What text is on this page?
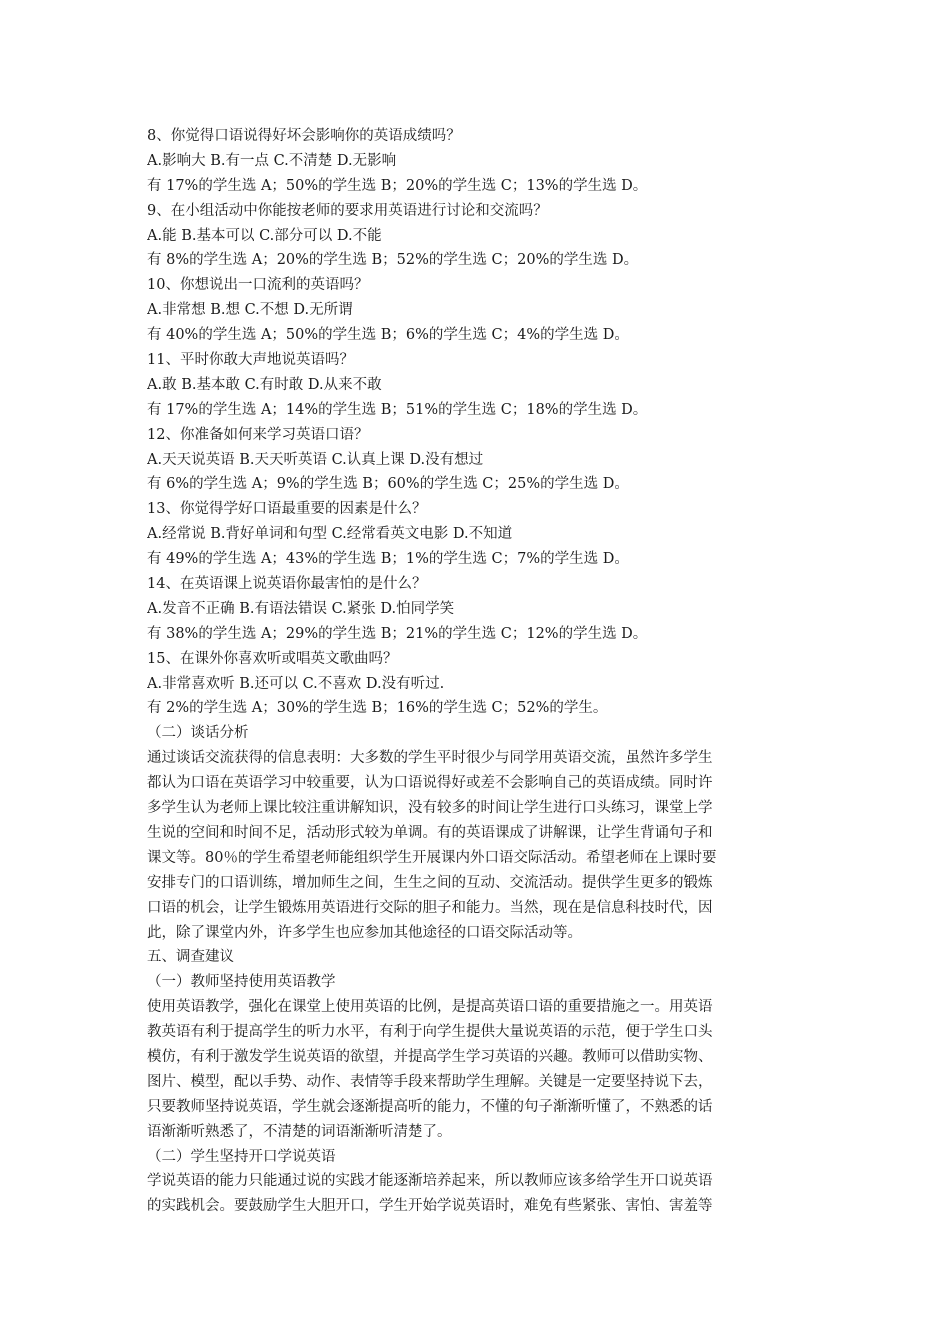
8、你觉得口语说得好坏会影响你的英语成绩吗？
A.影响大 B.有一点 C.不清楚 D.无影响
有 17%的学生选 A；50%的学生选 B；20%的学生选 C；13%的学生选 D。
9、在小组活动中你能按老师的要求用英语进行讨论和交流吗？
A.能 B.基本可以 C.部分可以 D.不能
有 8%的学生选 A；20%的学生选 B；52%的学生选 C；20%的学生选 D。
10、你想说出一口流利的英语吗？
A.非常想 B.想 C.不想 D.无所谓
有 40%的学生选 A；50%的学生选 B；6%的学生选 C；4%的学生选 D。
11、平时你敢大声地说英语吗？
A.敢 B.基本敢 C.有时敢 D.从来不敢
有 17%的学生选 A；14%的学生选 B；51%的学生选 C；18%的学生选 D。
12、你准备如何来学习英语口语？
A.天天说英语 B.天天听英语 C.认真上课 D.没有想过
有 6%的学生选 A；9%的学生选 B；60%的学生选 C；25%的学生选 D。
13、你觉得学好口语最重要的因素是什么？
A.经常说 B.背好单词和句型 C.经常看英文电影 D.不知道
有 49%的学生选 A；43%的学生选 B；1%的学生选 C；7%的学生选 D。
14、在英语课上说英语你最害怕的是什么？
A.发音不正确 B.有语法错误 C.紧张 D.怕同学笑
有 38%的学生选 A；29%的学生选 B；21%的学生选 C；12%的学生选 D。
15、在课外你喜欢听或唱英文歌曲吗？
A.非常喜欢听 B.还可以 C.不喜欢 D.没有听过.
有 2%的学生选 A；30%的学生选 B；16%的学生选 C；52%的学生。
（二）谈话分析
通过谈话交流获得的信息表明：大多数的学生平时很少与同学用英语交流，虽然许多学生
都认为口语在英语学习中较重要，认为口语说得好或差不会影响自己的英语成绩。同时许
多学生认为老师上课比较注重讲解知识，没有较多的时间让学生进行口头练习，课堂上学
生说的空间和时间不足，活动形式较为单调。有的英语课成了讲解课，让学生背诵句子和
课文等。80％的学生希望老师能组织学生开展课内外口语交际活动。希望老师在上课时要
安排专门的口语训练，增加师生之间，生生之间的互动、交流活动。提供学生更多的锻炼
口语的机会，让学生锻炼用英语进行交际的胆子和能力。当然，现在是信息科技时代，因
此，除了课堂内外，许多学生也应参加其他途径的口语交际活动等。
五、调查建议
（一）教师坚持使用英语教学
使用英语教学，强化在课堂上使用英语的比例，是提高英语口语的重要措施之一。用英语
教英语有利于提高学生的听力水平，有利于向学生提供大量说英语的示范，便于学生口头
模仿，有利于激发学生说英语的欲望，并提高学生学习英语的兴趣。教师可以借助实物、
图片、模型，配以手势、动作、表情等手段来帮助学生理解。关键是一定要坚持说下去，
只要教师坚持说英语，学生就会逐渐提高听的能力，不懂的句子渐渐听懂了，不熟悉的话
语渐渐听熟悉了，不清楚的词语渐渐听清楚了。
（二）学生坚持开口学说英语
学说英语的能力只能通过说的实践才能逐渐培养起来，所以教师应该多给学生开口说英语
的实践机会。要鼓励学生大胆开口，学生开始学说英语时，难免有些紧张、害怕、害羞等
